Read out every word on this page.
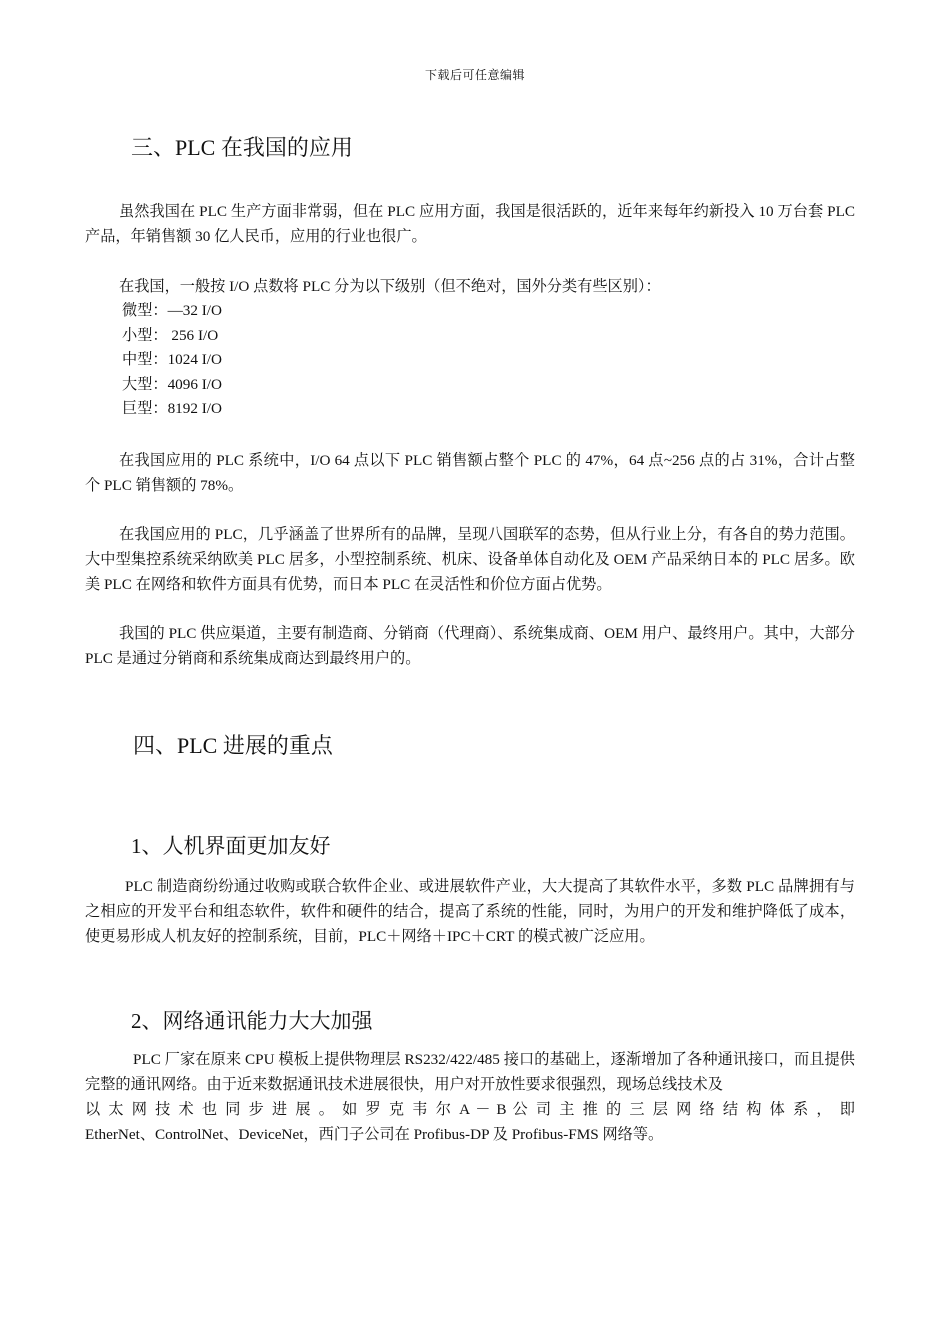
下载后可任意编辑
三、PLC 在我国的应用

虽然我国在 PLC 生产方面非常弱，但在 PLC 应用方面，我国是很活跃的，近年来每年约新投入 10 万台套 PLC 产品，年销售额 30 亿人民币，应用的行业也很广。

在我国，一般按 I/O 点数将 PLC 分为以下级别（但不绝对，国外分类有些区别）：

微型：—32 I/O
小型： 256 I/O
中型：1024 I/O
大型：4096 I/O
巨型：8192 I/O

在我国应用的 PLC 系统中，I/O 64 点以下 PLC 销售额占整个 PLC 的 47%，64 点~256 点的占 31%，合计占整个 PLC 销售额的 78%。

在我国应用的 PLC，几乎涵盖了世界所有的品牌，呈现八国联军的态势，但从行业上分，有各自的势力范围。大中型集控系统采纳欧美 PLC 居多，小型控制系统、机床、设备单体自动化及 OEM 产品采纳日本的 PLC 居多。欧美 PLC 在网络和软件方面具有优势，而日本 PLC 在灵活性和价位方面占优势。

我国的 PLC 供应渠道，主要有制造商、分销商（代理商）、系统集成商、OEM 用户、最终用户。其中，大部分 PLC 是通过分销商和系统集成商达到最终用户的。

四、PLC 进展的重点
1、人机界面更加友好

PLC 制造商纷纷通过收购或联合软件企业、或进展软件产业，大大提高了其软件水平，多数 PLC 品牌拥有与之相应的开发平台和组态软件，软件和硬件的结合，提高了系统的性能，同时，为用户的开发和维护降低了成本，使更易形成人机友好的控制系统，目前，PLC＋网络＋IPC＋CRT 的模式被广泛应用。

2、网络通讯能力大大加强
PLC 厂家在原来 CPU 模板上提供物理层 RS232/422/485 接口的基础上，逐渐增加了各种通讯接口，而且提供完整的通讯网络。由于近来数据通讯技术进展很快，用户对开放性要求很强烈，现场总线技术及
以 太 网 技 术 也 同 步 进 展 。 如 罗 克 韦 尔 A － B 公 司 主 推 的 三 层 网 络 结 构 体 系 ， 即
EtherNet、ControlNet、DeviceNet，西门子公司在 Profibus-DP 及 Profibus-FMS 网络等。
